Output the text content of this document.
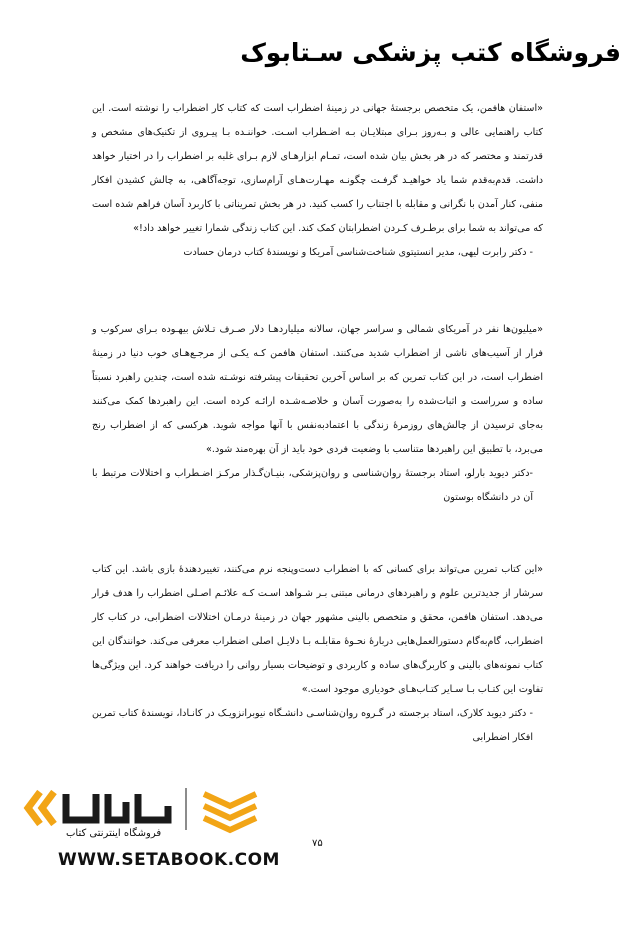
فروشگاه کتب پزشکی سـتابوک

«استفان هافمن، یک متخصص برجستهٔ جهانی در زمینهٔ اضطراب است که کتاب کار اضطراب را نوشته است. این کتاب راهنمایی عالی و بـه‌روز بـرای مبتلایـان بـه اضـطراب اسـت. خواننـده بـا پیـروی از تکنیک‌های مشخص و قدرتمند و مختصر که در هر بخش بیان شده است، تمـام ابزارهـای لازم بـرای غلبه بر اضطراب را در اختیار خواهد داشت. قدم‌به‌قدم شما یاد خواهیـد گرفـت چگونـه مهـارت‌هـای آرام‌سازی، توجه‌آگاهی، به چالش کشیدن افکار منفی، کنار آمدن با نگرانی و مقابله با اجتناب را کسب کنید. در هر بخش تمریناتی با کاربرد آسان فراهم شده است که می‌تواند به شما برای برطـرف کـردن اضطرابتان کمک کند. این کتاب زندگی شمارا تغییر خواهد داد!»

- دکتر رابرت لیهی، مدیر انستیتوی شناخت‌شناسی آمریکا و نویسندهٔ کتاب درمان حسادت

«میلیون‌ها نفر در آمریکای شمالی و سراسر جهان، سالانه میلیاردهـا دلار صـرف تـلاش بیهـوده بـرای سرکوب و فرار از آسیب‌های ناشی از اضطراب شدید می‌کنند. استفان هافمن کـه یکـی از مرجـع‌هـای خوب دنیا در زمینهٔ اضطراب است، در این کتاب تمرین که بر اساس آخرین تحقیقات پیشرفته نوشـته شده است، چندین راهبرد نسبتاً ساده و سرراست و اثبات‌شده را به‌صورت آسان و خلاصـه‌شـده ارائـه کرده است. این راهبردها کمک می‌کنند به‌جای ترسیدن از چالش‌های روزمرهٔ زندگی با اعتماد‌به‌نفس با آنها مواجه شوید. هرکسی که از اضطراب رنج می‌برد، با تطبیق این راهبردها متناسب با وضعیت فردی خود باید از آن بهره‌مند شود.»

-دکتر دیوید بارلو، استاد برجستهٔ روان‌شناسی و روان‌پزشکی، بنیـان‌گـذار مرکـز اضـطراب و اختلالات مرتبط با آن در دانشگاه بوستون

«این کتاب تمرین می‌تواند برای کسانی که با اضطراب دست‌وپنجه نرم می‌کنند، تغییردهندهٔ بازی باشد. این کتاب سرشار از جدیدترین علوم و راهبردهای درمانی مبتنی بـر شـواهد اسـت کـه علائـم اصـلی اضطراب را هدف قرار می‌دهد. استفان هافمن، محقق و متخصص بالینی مشهور جهان در زمینهٔ درمـان اختلالات اضطرابی، در کتاب کار اضطراب، گام‌به‌گام دستورالعمل‌هایی دربارهٔ نحـوهٔ مقابلـه بـا دلایـل اصلی اضطراب معرفی می‌کند. خوانندگان این کتاب نمونه‌های بالینی و کاربرگ‌های ساده و کاربردی و توضیحات بسیار روانی را دریافت خواهند کرد. این ویژگی‌ها تفاوت این کتـاب بـا سـایر کتـاب‌هـای خودیاری موجود است.»

- دکتر دیوید کلارک، استاد برجسته در گـروه روان‌شناسـی دانشـگاه نیوبرانزویـک در کانـادا، نویسندهٔ کتاب تمرین افکار اضطرابی
فروشگاه اینترنتی کتاب
WWW.SETABOOK.COM
۷۵
